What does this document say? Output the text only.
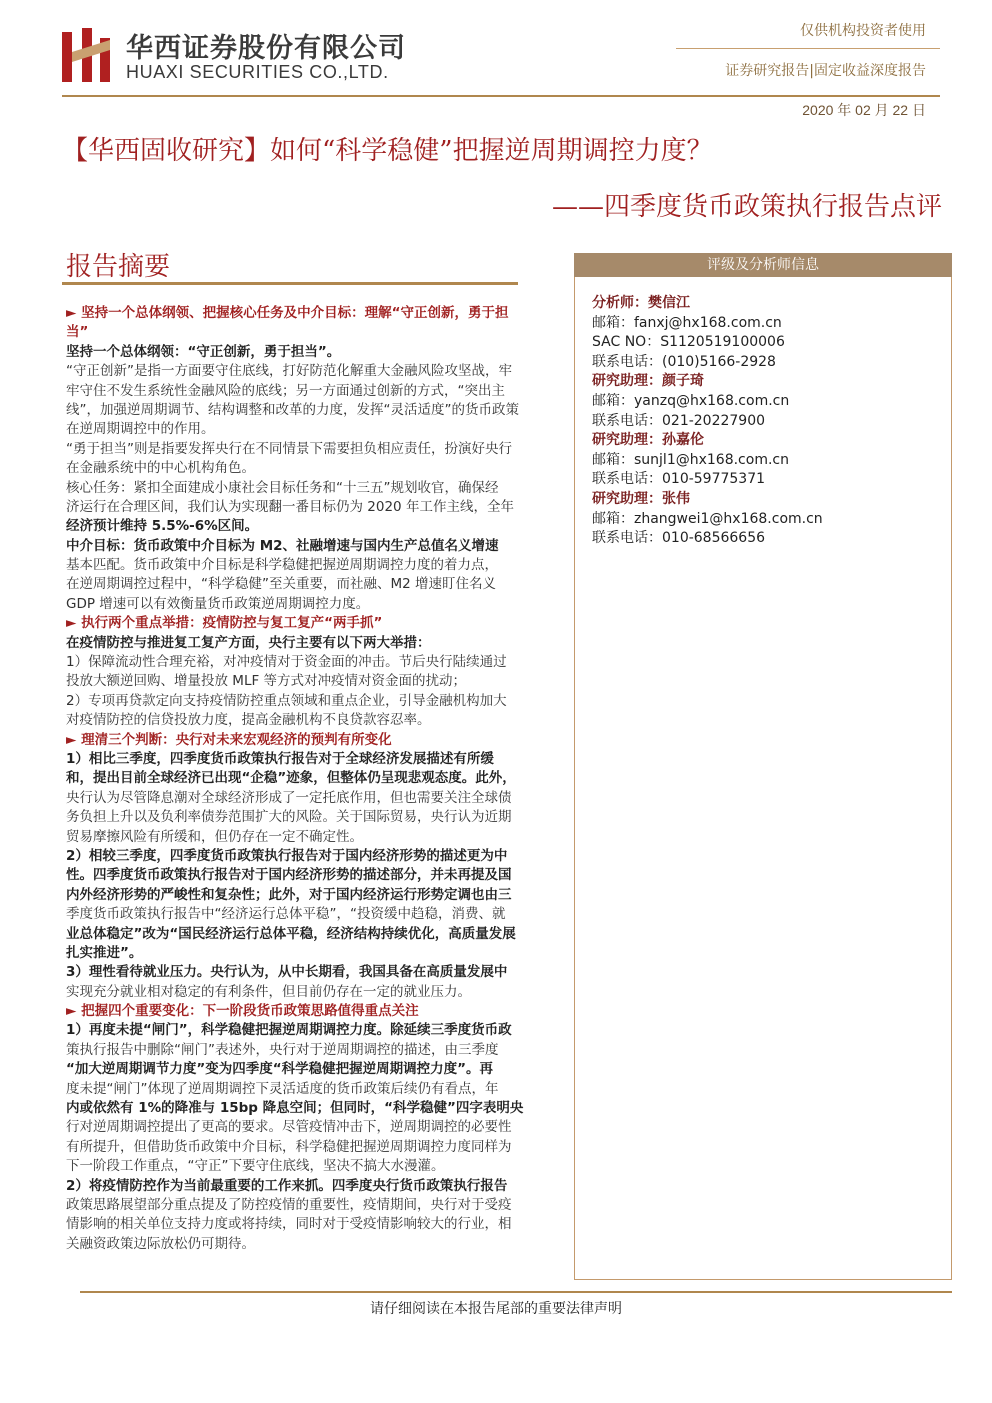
华西证券股份有限公司
HUAXI SECURITIES CO.,LTD.
仅供机构投资者使用
证券研究报告|固定收益深度报告
2020 年 02 月 22 日
【华西固收研究】如何“科学稳健”把握逆周期调控力度？
——四季度货币政策执行报告点评
报告摘要
► 坚持一个总体纲领、把握核心任务及中介目标：理解“守正创新，勇于担
当”
坚持一个总体纲领：“守正创新，勇于担当”。
“守正创新”是指一方面要守住底线，打好防范化解重大金融风险攻坚战，牢
牢守住不发生系统性金融风险的底线；另一方面通过创新的方式，“突出主
线”，加强逆周期调节、结构调整和改革的力度，发挥“灵活适度”的货币政策
在逆周期调控中的作用。
“勇于担当”则是指要发挥央行在不同情景下需要担负相应责任，扮演好央行
在金融系统中的中心机构角色。
核心任务：紧扣全面建成小康社会目标任务和“十三五”规划收官，确保经
济运行在合理区间，我们认为实现翻一番目标仍为 2020 年工作主线，全年
经济预计维持 5.5%-6%区间。
中介目标：货币政策中介目标为 M2、社融增速与国内生产总值名义增速
基本匹配。货币政策中介目标是科学稳健把握逆周期调控力度的着力点，
在逆周期调控过程中，“科学稳健”至关重要，而社融、M2 增速盯住名义
GDP 增速可以有效衡量货币政策逆周期调控力度。
► 执行两个重点举措：疫情防控与复工复产“两手抓”
在疫情防控与推进复工复产方面，央行主要有以下两大举措：
1）保障流动性合理充裕，对冲疫情对于资金面的冲击。节后央行陆续通过
投放大额逆回购、增量投放 MLF 等方式对冲疫情对资金面的扰动；
2）专项再贷款定向支持疫情防控重点领域和重点企业，引导金融机构加大
对疫情防控的信贷投放力度，提高金融机构不良贷款容忍率。
► 理清三个判断：央行对未来宏观经济的预判有所变化
1）相比三季度，四季度货币政策执行报告对于全球经济发展描述有所缓
和，提出目前全球经济已出现“企稳”迹象，但整体仍呈现悲观态度。此外，
央行认为尽管降息潮对全球经济形成了一定托底作用，但也需要关注全球债
务负担上升以及负利率债券范围扩大的风险。关于国际贸易，央行认为近期
贸易摩擦风险有所缓和，但仍存在一定不确定性。
2）相较三季度，四季度货币政策执行报告对于国内经济形势的描述更为中
性。四季度货币政策执行报告对于国内经济形势的描述部分，并未再提及国
内外经济形势的严峻性和复杂性；此外，对于国内经济运行形势定调也由三
季度货币政策执行报告中“经济运行总体平稳”，“投资缓中趋稳，消费、就
业总体稳定”改为“国民经济运行总体平稳，经济结构持续优化，高质量发展
扎实推进”。
3）理性看待就业压力。央行认为，从中长期看，我国具备在高质量发展中
实现充分就业相对稳定的有利条件，但目前仍存在一定的就业压力。
► 把握四个重要变化：下一阶段货币政策思路值得重点关注
1）再度未提“闸门”，科学稳健把握逆周期调控力度。除延续三季度货币政
策执行报告中删除“闸门”表述外，央行对于逆周期调控的描述，由三季度
“加大逆周期调节力度”变为四季度“科学稳健把握逆周期调控力度”。再
度未提“闸门”体现了逆周期调控下灵活适度的货币政策后续仍有看点，年
内或依然有 1%的降准与 15bp 降息空间；但同时，“科学稳健”四字表明央
行对逆周期调控提出了更高的要求。尽管疫情冲击下，逆周期调控的必要性
有所提升，但借助货币政策中介目标，科学稳健把握逆周期调控力度同样为
下一阶段工作重点，“守正”下要守住底线，坚决不搞大水漫灌。
2）将疫情防控作为当前最重要的工作来抓。四季度央行货币政策执行报告
政策思路展望部分重点提及了防控疫情的重要性，疫情期间，央行对于受疫
情影响的相关单位支持力度或将持续，同时对于受疫情影响较大的行业，相
关融资政策边际放松仍可期待。
评级及分析师信息
分析师：樊信江
邮箱：fanxj@hx168.com.cn
SAC NO：S1120519100006
联系电话：(010)5166-2928
研究助理：颜子琦
邮箱：yanzq@hx168.com.cn
联系电话：021-20227900
研究助理：孙嘉伦
邮箱：sunjl1@hx168.com.cn
联系电话：010-59775371
研究助理：张伟
邮箱：zhangwei1@hx168.com.cn
联系电话：010-68566656
请仔细阅读在本报告尾部的重要法律声明
